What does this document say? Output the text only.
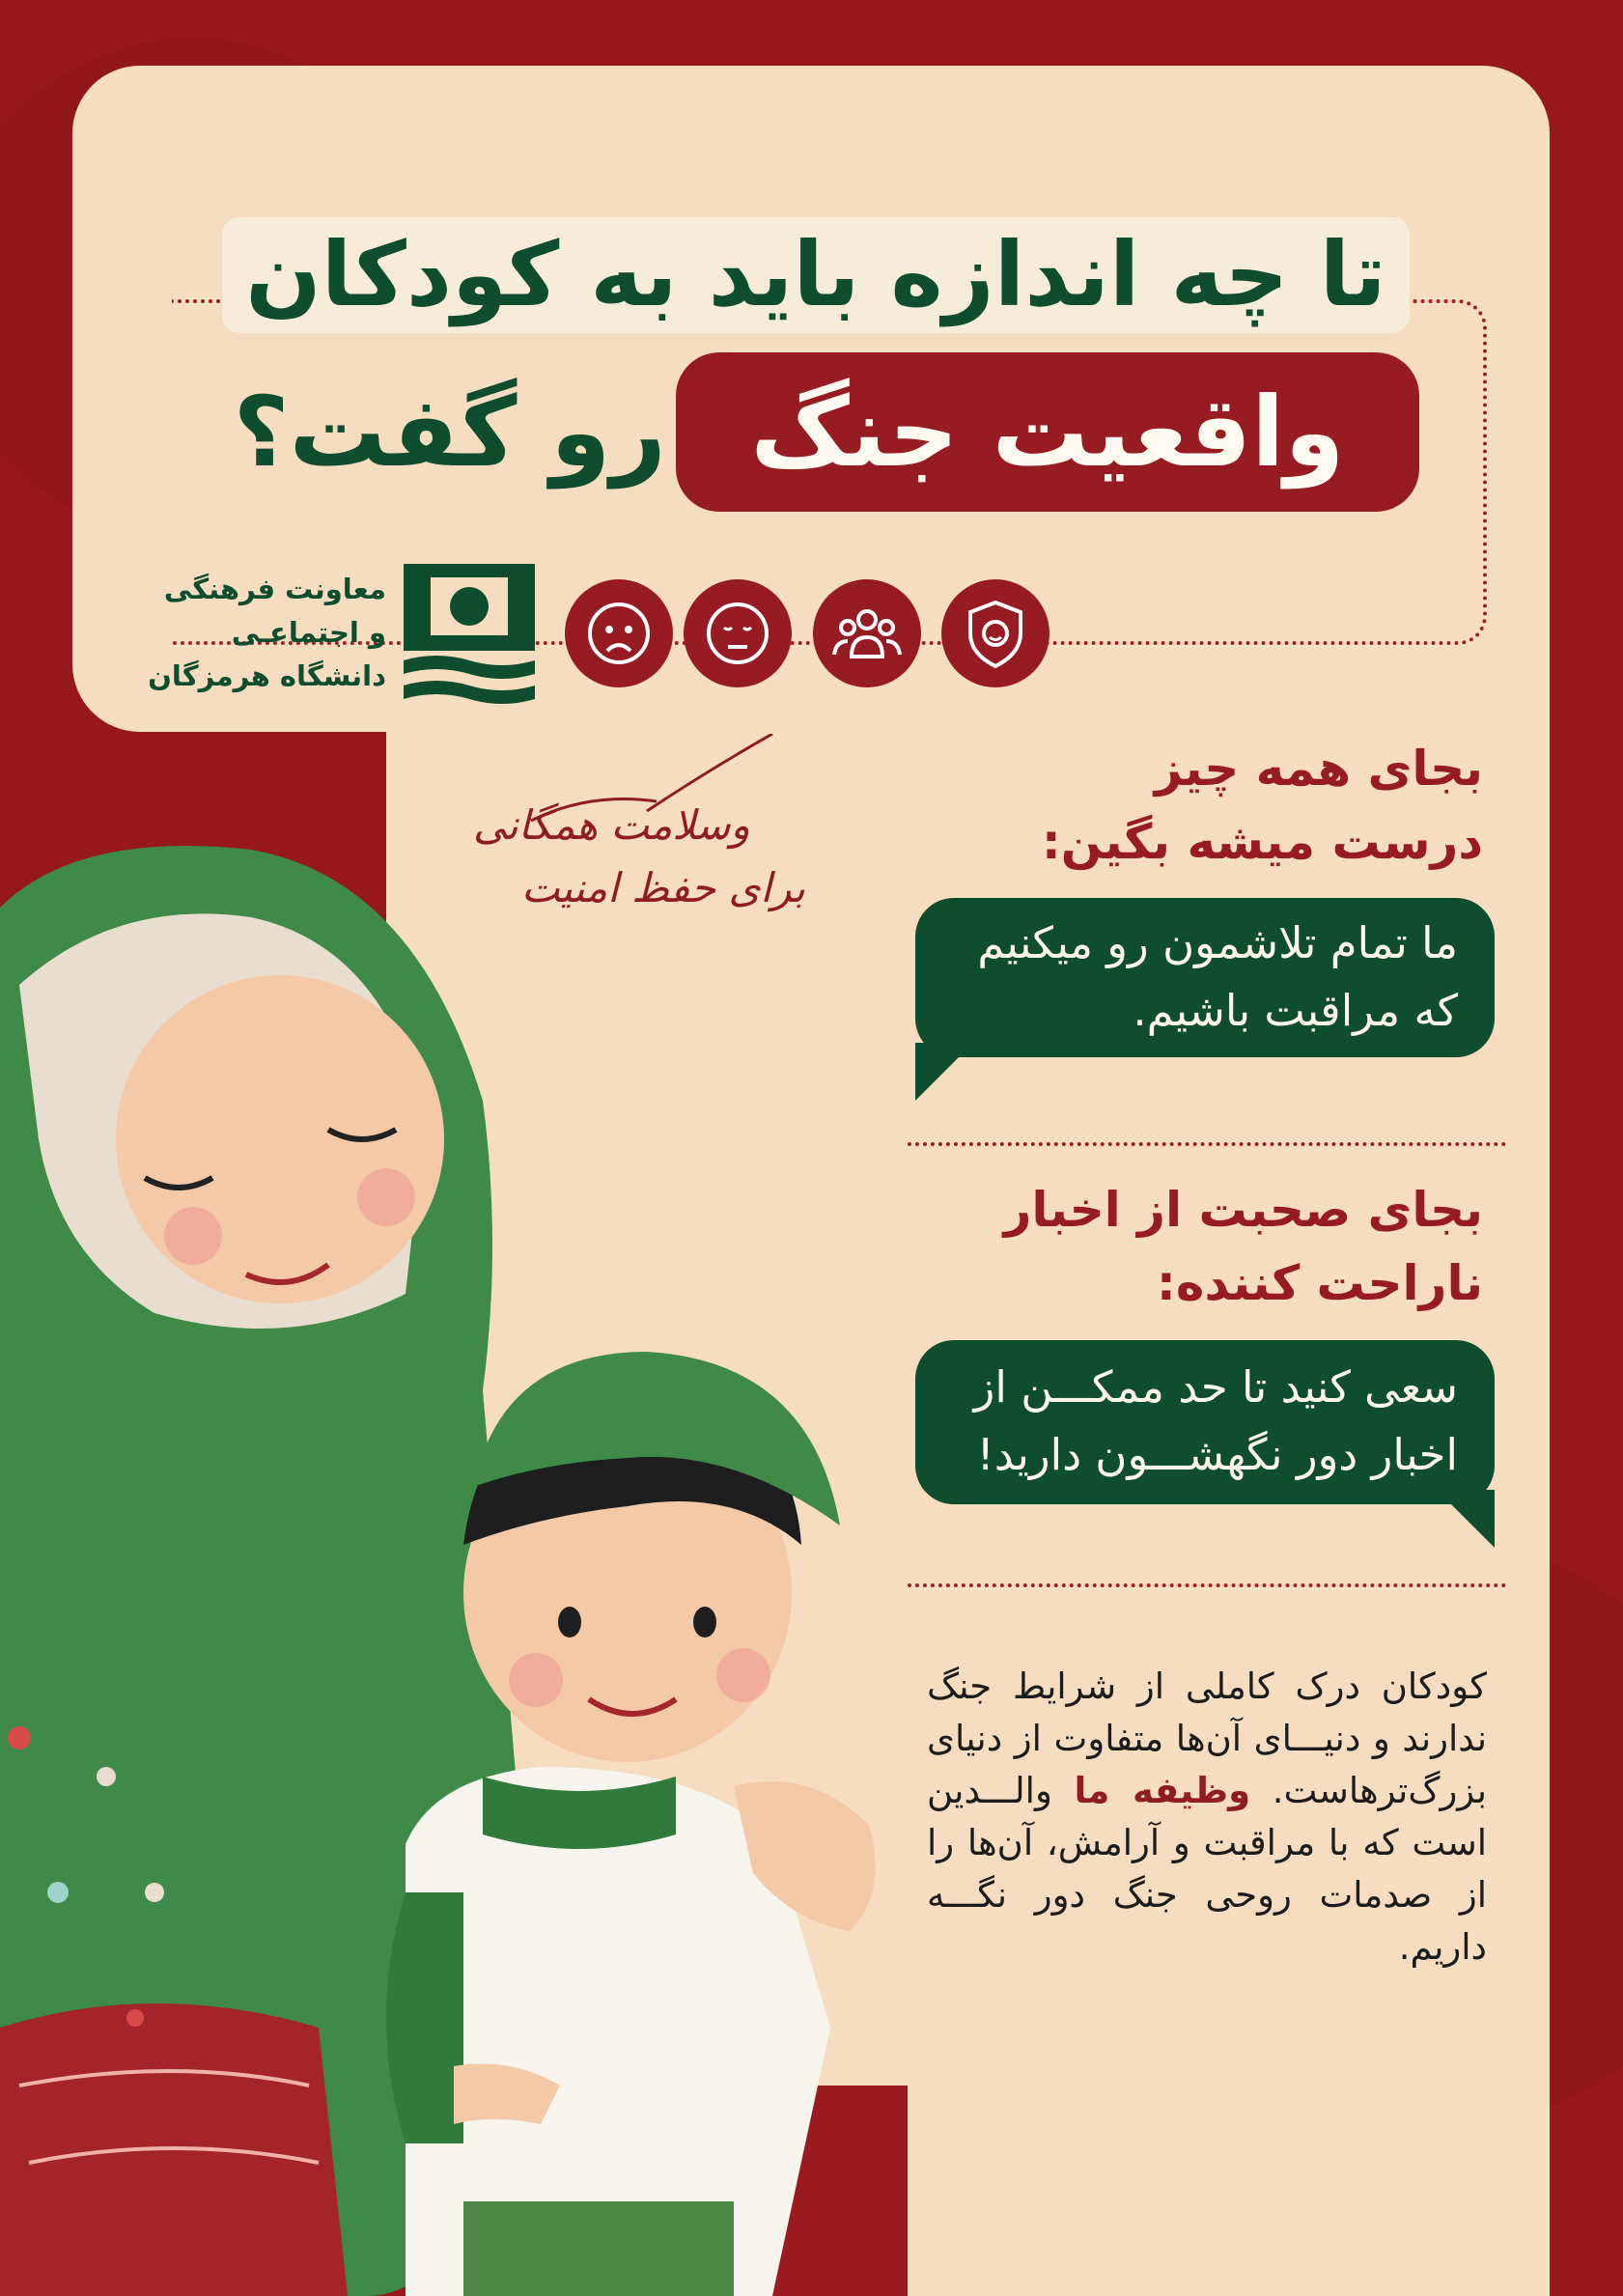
تا چه اندازه باید به کودکان
واقعیت جنگ
رو گفت؟
معاونت فرهنگی
و اجتماعـی
دانشگاه هرمزگان
وسلامت همگانی
برای حفظ امنیت
بجای همه چیز
درست میشه بگین:
ما تمام تلاشمون رو میکنیم
که مراقبت باشیم.
بجای صحبت از اخبار
ناراحت کننده:
سعی کنید تا حد ممکـــن از
اخبار دور نگهشـــون دارید!
کودکان درک کاملی از شرایط جنگ ندارند و دنیـــای آن‌ها متفاوت از دنیای بزرگ‌ترهاست. وظیفه ما والـــدین است که با مراقبت و آرامش، آن‌ها را از صدمات روحی جنگ دور نگـــه داریم.
